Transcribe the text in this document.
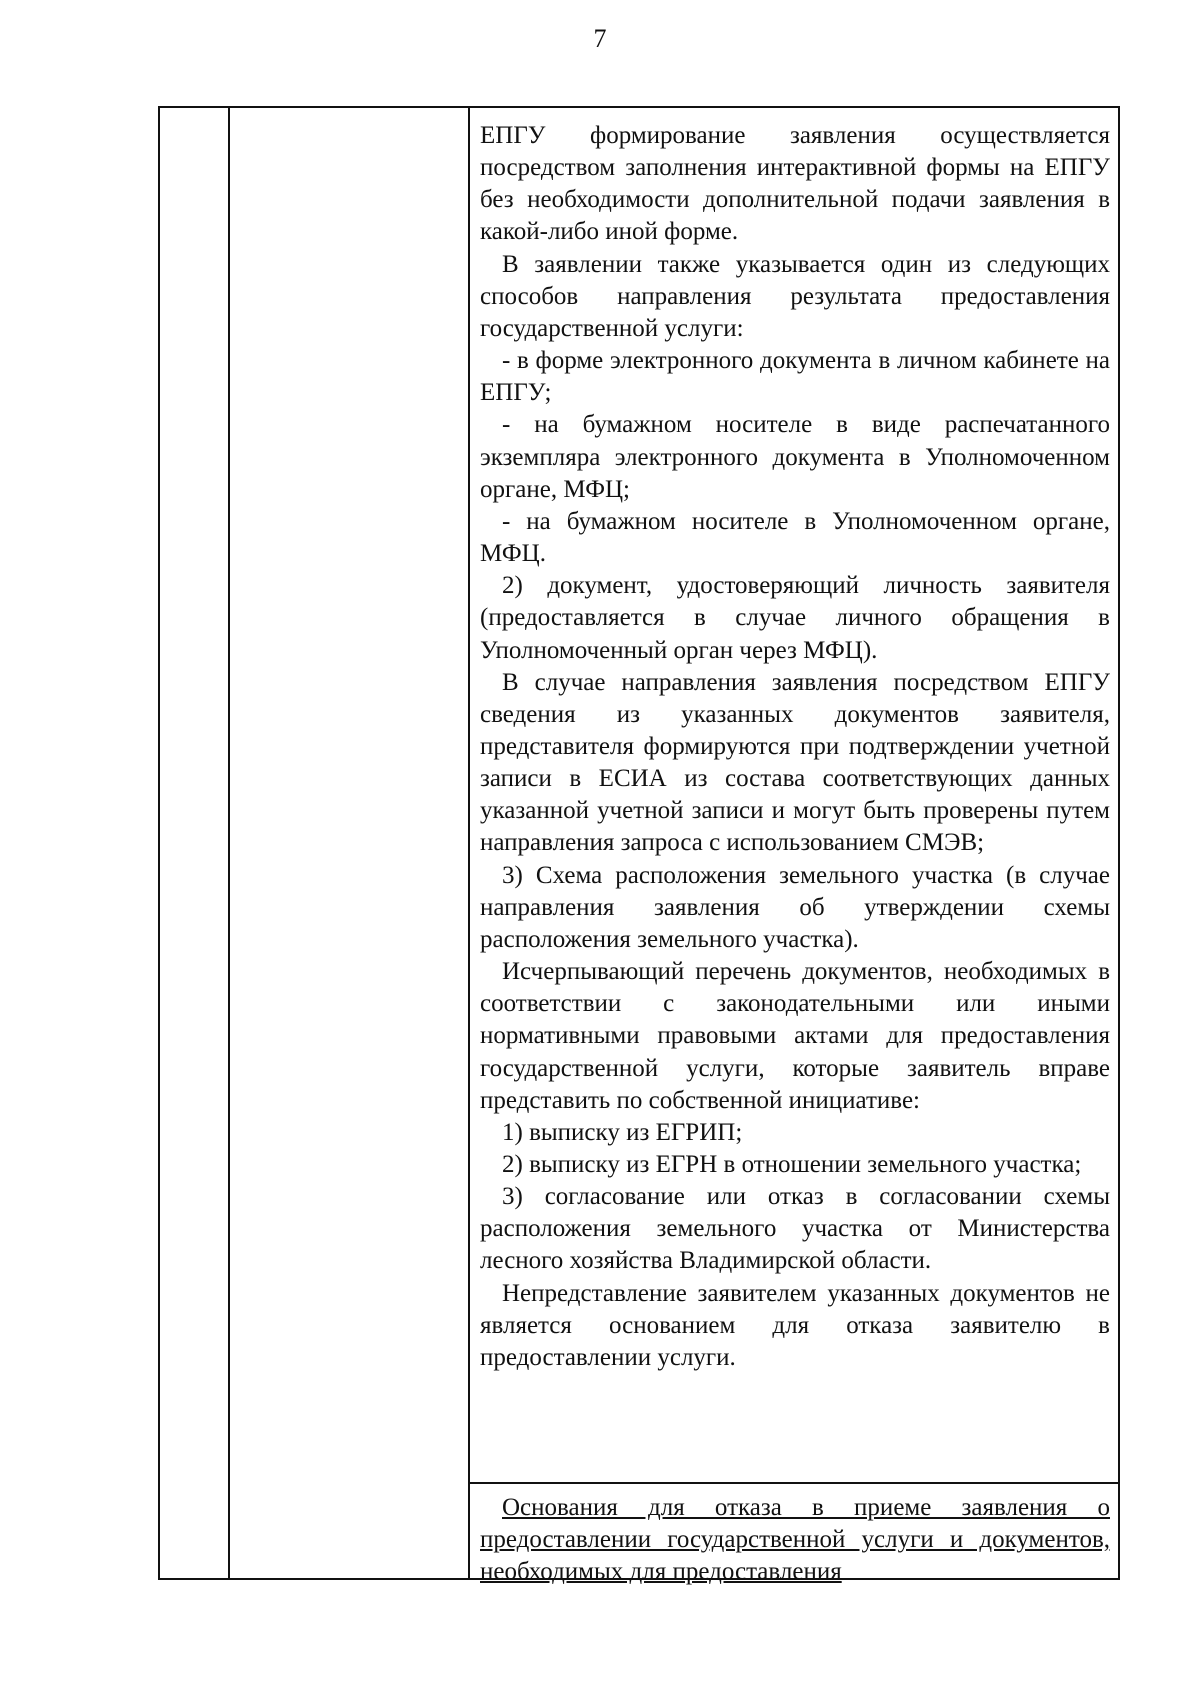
7

ЕПГУ формирование заявления осуществляется посредством заполнения интерактивной формы на ЕПГУ без необходимости дополнительной подачи заявления в какой-либо иной форме.

В заявлении также указывается один из следующих способов направления результата предоставления государственной услуги:

- в форме электронного документа в личном кабинете на ЕПГУ;

- на бумажном носителе в виде распечатанного экземпляра электронного документа в Уполномоченном органе, МФЦ;

- на бумажном носителе в Уполномоченном органе, МФЦ.

2) документ, удостоверяющий личность заявителя (предоставляется в случае личного обращения в Уполномоченный орган через МФЦ).

В случае направления заявления посредством ЕПГУ сведения из указанных документов заявителя, представителя формируются при подтверждении учетной записи в ЕСИА из состава соответствующих данных указанной учетной записи и могут быть проверены путем направления запроса с использованием СМЭВ;

3) Схема расположения земельного участка (в случае направления заявления об утверждении схемы расположения земельного участка).

Исчерпывающий перечень документов, необходимых в соответствии с законодательными или иными нормативными правовыми актами для предоставления государственной услуги, которые заявитель вправе представить по собственной инициативе:

1) выписку из ЕГРИП;

2) выписку из ЕГРН в отношении земельного участка;

3) согласование или отказ в согласовании схемы расположения земельного участка от Министерства лесного хозяйства Владимирской области.

Непредставление заявителем указанных документов не является основанием для отказа заявителю в предоставлении услуги.

Основания для отказа в приеме заявления о предоставлении государственной услуги и документов, необходимых для предоставления
